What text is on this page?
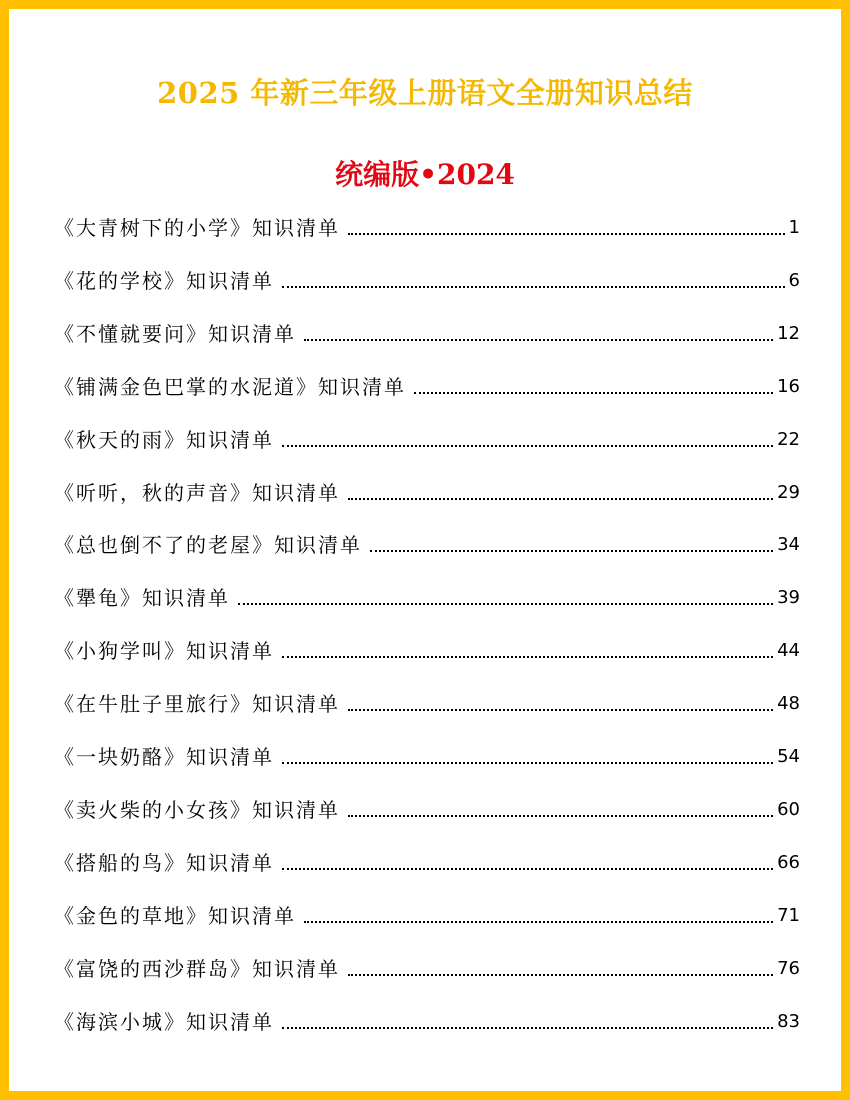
2025 年新三年级上册语文全册知识总结
统编版•2024
《大青树下的小学》知识清单	1
《花的学校》知识清单	6
《不懂就要问》知识清单	12
《铺满金色巴掌的水泥道》知识清单	16
《秋天的雨》知识清单	22
《听听，秋的声音》知识清单	29
《总也倒不了的老屋》知识清单	34
《犟龟》知识清单	39
《小狗学叫》知识清单	44
《在牛肚子里旅行》知识清单	48
《一块奶酪》知识清单	54
《卖火柴的小女孩》知识清单	60
《搭船的鸟》知识清单	66
《金色的草地》知识清单	71
《富饶的西沙群岛》知识清单	76
《海滨小城》知识清单	83
